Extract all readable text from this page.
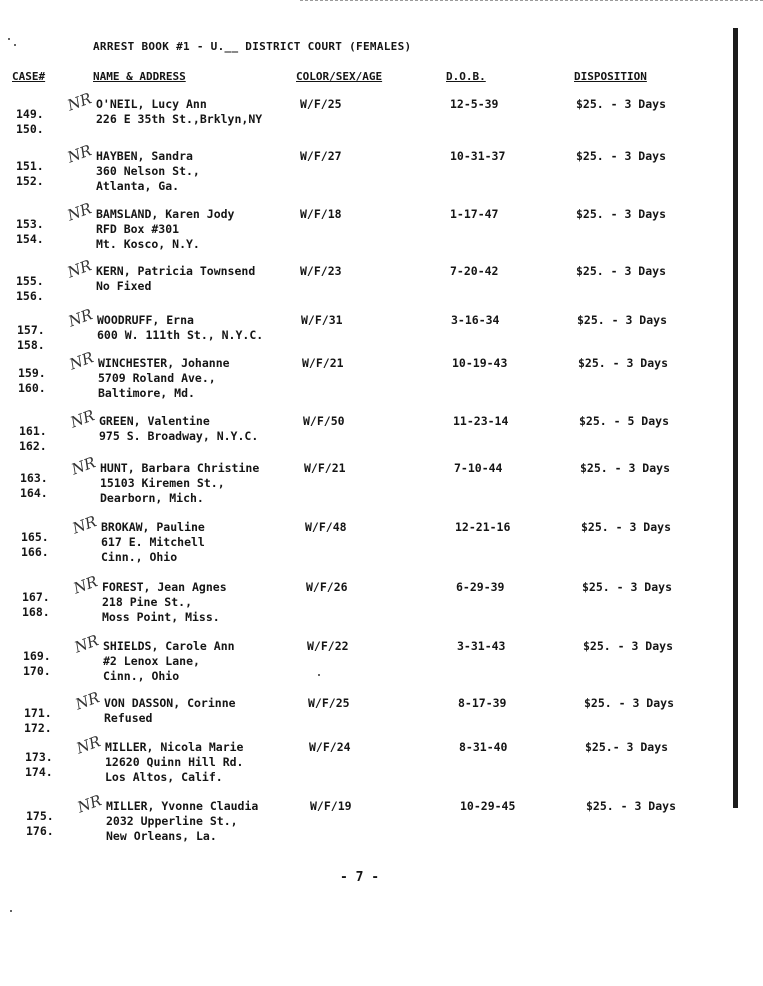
ARREST BOOK #1 - U.__ DISTRICT COURT (FEMALES)
CASE#	NAME & ADDRESS	COLOR/SEX/AGE	D.O.B.	DISPOSITION
149.
150.
NR O'NEIL, Lucy Ann
226 E 35th St.,Brklyn,NY
W/F/25	12-5-39	$25. - 3 Days
151.
152.
NR HAYBEN, Sandra
360 Nelson St.,
Atlanta, Ga.
W/F/27	10-31-37	$25. - 3 Days
153.
154.
NR BAMSLAND, Karen Jody
RFD Box #301
Mt. Kosco, N.Y.
W/F/18	1-17-47	$25. - 3 Days
155.
156.
NR KERN, Patricia Townsend
No Fixed
W/F/23	7-20-42	$25. - 3 Days
157.
158.
NR WOODRUFF, Erna
600 W. 111th St., N.Y.C.
W/F/31	3-16-34	$25. - 3 Days
159.
160.
NR WINCHESTER, Johanne
5709 Roland Ave.,
Baltimore, Md.
W/F/21	10-19-43	$25. - 3 Days
161.
162.
NR GREEN, Valentine
975 S. Broadway, N.Y.C.
W/F/50	11-23-14	$25. - 5 Days
163.
164.
NR HUNT, Barbara Christine
15103 Kiremen St.,
Dearborn, Mich.
W/F/21	7-10-44	$25. - 3 Days
165.
166.
NR BROKAW, Pauline
617 E. Mitchell
Cinn., Ohio
W/F/48	12-21-16	$25. - 3 Days
167.
168.
NR FOREST, Jean Agnes
218 Pine St.,
Moss Point, Miss.
W/F/26	6-29-39	$25. - 3 Days
169.
170.
NR SHIELDS, Carole Ann
#2 Lenox Lane,
Cinn., Ohio
W/F/22	3-31-43	$25. - 3 Days
171.
172.
NR VON DASSON, Corinne
Refused
W/F/25	8-17-39	$25. - 3 Days
173.
174.
NR MILLER, Nicola Marie
12620 Quinn Hill Rd.
Los Altos, Calif.
W/F/24	8-31-40	$25.- 3 Days
175.
176.
NR MILLER, Yvonne Claudia
2032 Upperline St.,
New Orleans, La.
W/F/19	10-29-45	$25. - 3 Days
- 7 -
